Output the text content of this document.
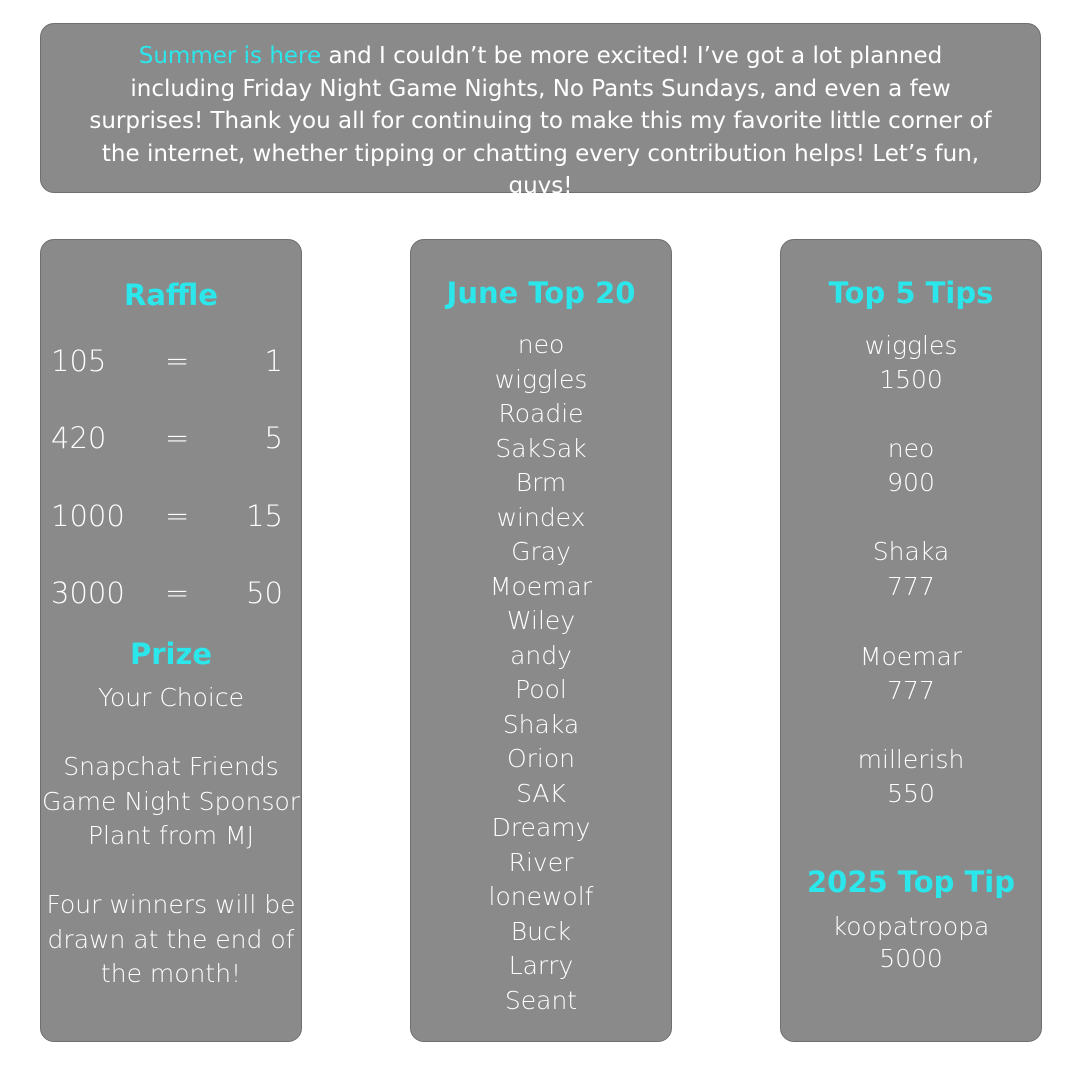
Summer is here and I couldn’t be more excited! I’ve got a lot planned including Friday Night Game Nights, No Pants Sundays, and even a few surprises! Thank you all for continuing to make this my favorite little corner of the internet, whether tipping or chatting every contribution helps! Let’s fun, guys!
Raffle
105 =	1
420 =	5
1000 = 15
3000 = 50
Prize
Your Choice
Snapchat Friends
Game Night Sponsor
Plant from MJ
Four winners will be
drawn at the end of
the month!
June Top 20
neo
wiggles
Roadie
SakSak
Brm
windex
Gray
Moemar
Wiley
andy
Pool
Shaka
Orion
SAK
Dreamy
River
lonewolf
Buck
Larry
Seant
Top 5 Tips
wiggles
1500
neo
900
Shaka
777
Moemar
777
millerish
550
2025 Top Tip
koopatroopa
5000
